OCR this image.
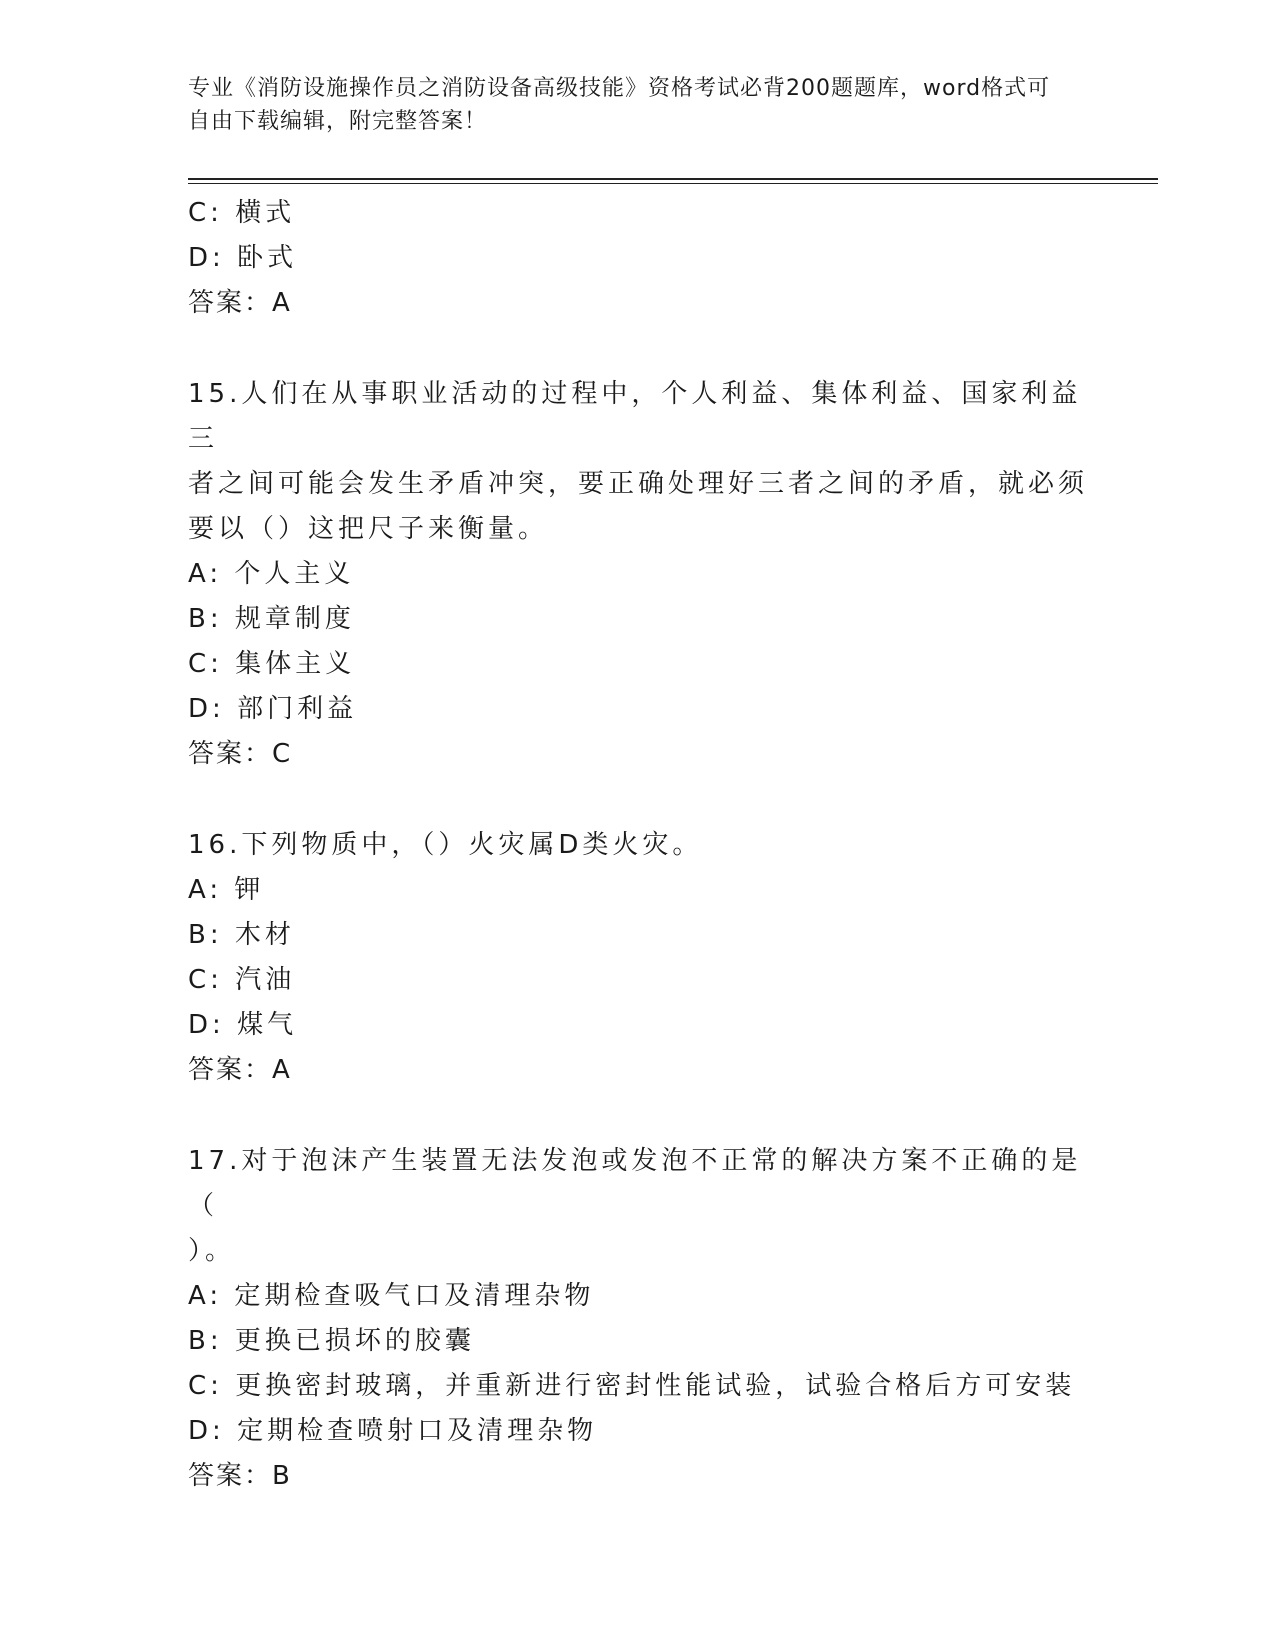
专业《消防设施操作员之消防设备高级技能》资格考试必背200题题库，word格式可自由下载编辑，附完整答案！
C: 横式
D: 卧式
答案：A
15.人们在从事职业活动的过程中，个人利益、集体利益、国家利益三
者之间可能会发生矛盾冲突，要正确处理好三者之间的矛盾，就必须
要以（）这把尺子来衡量。
A: 个人主义
B: 规章制度
C: 集体主义
D: 部门利益
答案：C
16.下列物质中，（）火灾属D类火灾。
A: 钾
B: 木材
C: 汽油
D: 煤气
答案：A
17.对于泡沫产生装置无法发泡或发泡不正常的解决方案不正确的是（
）。
A: 定期检查吸气口及清理杂物
B: 更换已损坏的胶囊
C: 更换密封玻璃，并重新进行密封性能试验，试验合格后方可安装
D: 定期检查喷射口及清理杂物
答案：B
